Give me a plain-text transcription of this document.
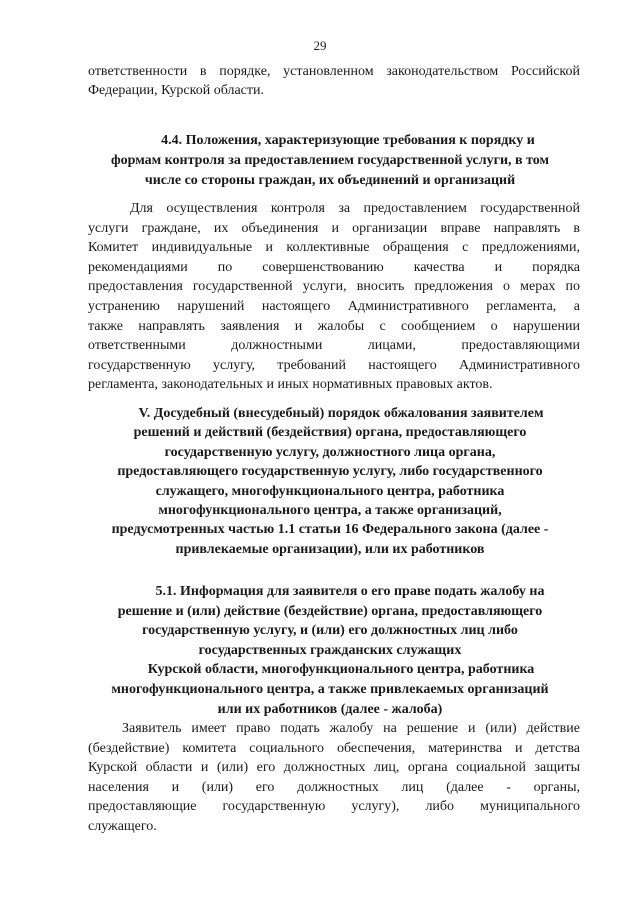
29
ответственности в порядке, установленном законодательством Российской
Федерации, Курской области.
4.4. Положения, характеризующие требования к порядку и
формам контроля за предоставлением государственной услуги, в том
числе со стороны граждан, их объединений и организаций
Для осуществления контроля за предоставлением государственной
услуги граждане, их объединения и организации вправе направлять в
Комитет индивидуальные и коллективные обращения с предложениями,
рекомендациями по совершенствованию качества и порядка
предоставления государственной услуги, вносить предложения о мерах по
устранению нарушений настоящего Административного регламента, а
также направлять заявления и жалобы с сообщением о нарушении
ответственными должностными лицами, предоставляющими
государственную услугу, требований настоящего Административного
регламента, законодательных и иных нормативных правовых актов.
V. Досудебный (внесудебный) порядок обжалования заявителем
решений и действий (бездействия) органа, предоставляющего
государственную услугу, должностного лица органа,
предоставляющего государственную услугу, либо государственного
служащего, многофункционального центра, работника
многофункционального центра, а также организаций,
предусмотренных частью 1.1 статьи 16 Федерального закона (далее -
привлекаемые организации), или их работников
5.1. Информация для заявителя о его праве подать жалобу на
решение и (или) действие (бездействие) органа, предоставляющего
государственную услугу, и (или) его должностных лиц либо
государственных гражданских служащих
Курской области, многофункционального центра, работника
многофункционального центра, а также привлекаемых организаций
или их работников (далее - жалоба)
Заявитель имеет право подать жалобу на решение и (или) действие
(бездействие) комитета социального обеспечения, материнства и детства
Курской области и (или) его должностных лиц, органа социальной защиты
населения и (или) его должностных лиц (далее - органы,
предоставляющие государственную услугу), либо муниципального
служащего.
